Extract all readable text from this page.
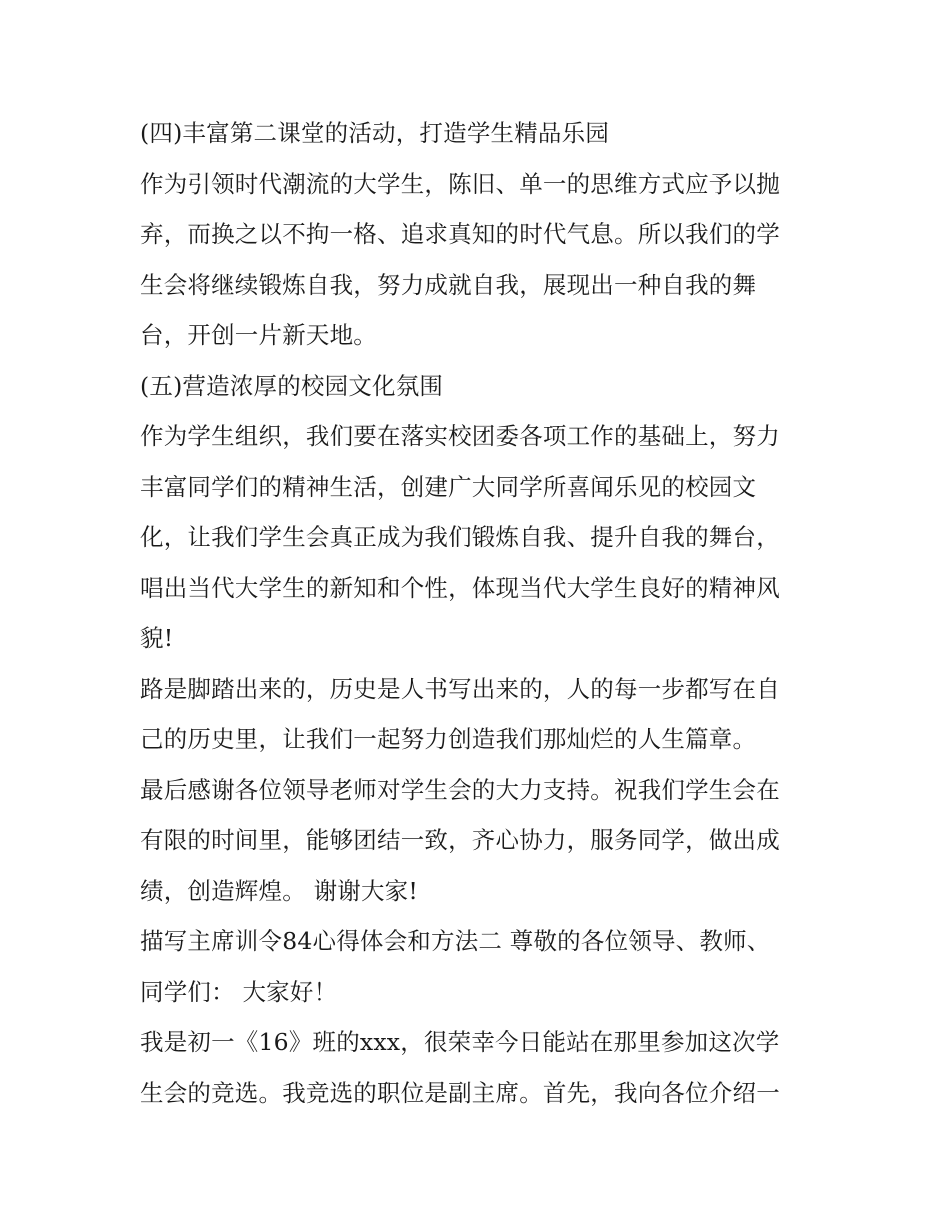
(四)丰富第二课堂的活动，打造学生精品乐园
作为引领时代潮流的大学生，陈旧、单一的思维方式应予以抛
弃，而换之以不拘一格、追求真知的时代气息。所以我们的学
生会将继续锻炼自我，努力成就自我，展现出一种自我的舞
台，开创一片新天地。
(五)营造浓厚的校园文化氛围
作为学生组织，我们要在落实校团委各项工作的基础上，努力
丰富同学们的精神生活，创建广大同学所喜闻乐见的校园文
化，让我们学生会真正成为我们锻炼自我、提升自我的舞台，
唱出当代大学生的新知和个性，体现当代大学生良好的精神风
貌!
路是脚踏出来的，历史是人书写出来的，人的每一步都写在自
己的历史里，让我们一起努力创造我们那灿烂的人生篇章。
最后感谢各位领导老师对学生会的大力支持。祝我们学生会在
有限的时间里，能够团结一致，齐心协力，服务同学，做出成
绩，创造辉煌。 谢谢大家!
描写主席训令84心得体会和方法二 尊敬的各位领导、教师、
同学们： 大家好！
我是初一《16》班的xxx，很荣幸今日能站在那里参加这次学
生会的竞选。我竞选的职位是副主席。首先，我向各位介绍一
